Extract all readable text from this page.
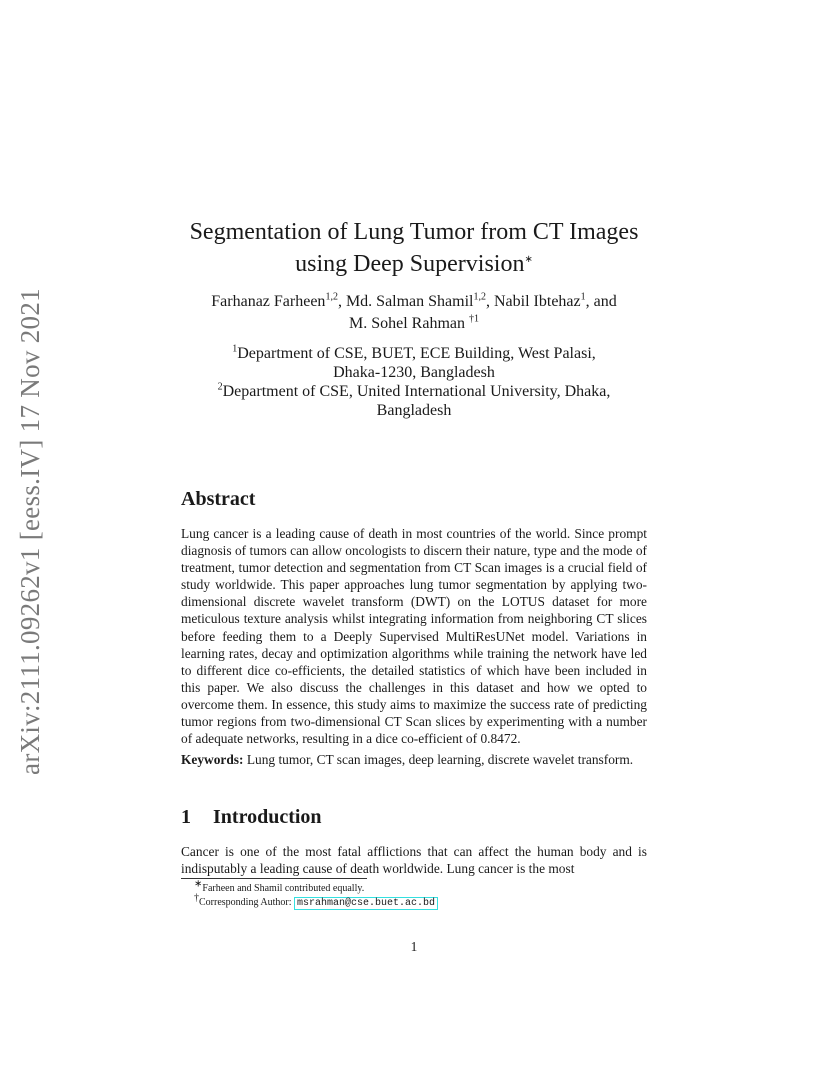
arXiv:2111.09262v1 [eess.IV] 17 Nov 2021
Segmentation of Lung Tumor from CT Images
using Deep Supervision∗
Farhanaz Farheen$^{1,2}$, Md. Salman Shamil$^{1,2}$, Nabil Ibtehaz$^1$, and
M. Sohel Rahman $^{\dagger 1}$
$^1$Department of CSE, BUET, ECE Building, West Palasi,
Dhaka-1230, Bangladesh
$^2$Department of CSE, United International University, Dhaka,
Bangladesh
Abstract
Lung cancer is a leading cause of death in most countries of the world. Since prompt diagnosis of tumors can allow oncologists to discern their nature, type and the mode of treatment, tumor detection and segmentation from CT Scan images is a crucial field of study worldwide. This paper approaches lung tumor segmentation by applying two-dimensional discrete wavelet transform (DWT) on the LOTUS dataset for more meticulous texture analysis whilst integrating information from neighboring CT slices before feeding them to a Deeply Supervised MultiResUNet model. Variations in learning rates, decay and optimization algorithms while training the network have led to different dice co-efficients, the detailed statistics of which have been included in this paper. We also discuss the challenges in this dataset and how we opted to overcome them. In essence, this study aims to maximize the success rate of predicting tumor regions from two-dimensional CT Scan slices by experimenting with a number of adequate networks, resulting in a dice co-efficient of 0.8472.
Keywords: Lung tumor, CT scan images, deep learning, discrete wavelet transform.
1 Introduction
Cancer is one of the most fatal afflictions that can affect the human body and is indisputably a leading cause of death worldwide. Lung cancer is the most
∗Farheen and Shamil contributed equally.
†Corresponding Author: msrahman@cse.buet.ac.bd
1
